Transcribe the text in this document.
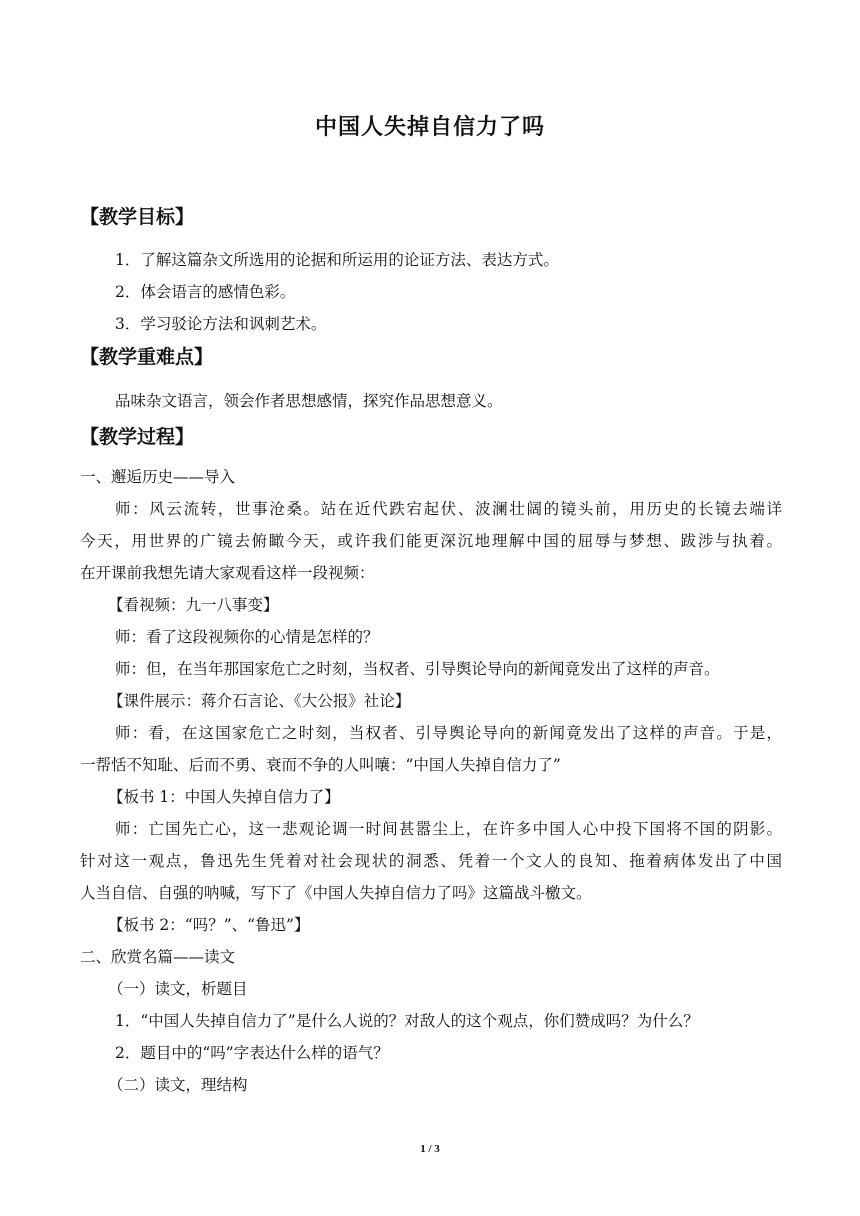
中国人失掉自信力了吗
【教学目标】
1．了解这篇杂文所选用的论据和所运用的论证方法、表达方式。
2．体会语言的感情色彩。
3．学习驳论方法和讽刺艺术。
【教学重难点】
品味杂文语言，领会作者思想感情，探究作品思想意义。
【教学过程】
一、邂逅历史——导入
师：风云流转，世事沧桑。站在近代跌宕起伏、波澜壮阔的镜头前，用历史的长镜去端详
今天，用世界的广镜去俯瞰今天，或许我们能更深沉地理解中国的屈辱与梦想、跋涉与执着。
在开课前我想先请大家观看这样一段视频：
【看视频：九一八事变】
师：看了这段视频你的心情是怎样的？
师：但，在当年那国家危亡之时刻，当权者、引导舆论导向的新闻竟发出了这样的声音。
【课件展示：蒋介石言论、《大公报》社论】
师：看，在这国家危亡之时刻，当权者、引导舆论导向的新闻竟发出了这样的声音。于是，
一帮恬不知耻、后而不勇、衰而不争的人叫嚷：“中国人失掉自信力了”
【板书 1：中国人失掉自信力了】
师：亡国先亡心，这一悲观论调一时间甚嚣尘上，在许多中国人心中投下国将不国的阴影。
针对这一观点，鲁迅先生凭着对社会现状的洞悉、凭着一个文人的良知、拖着病体发出了中国
人当自信、自强的呐喊，写下了《中国人失掉自信力了吗》这篇战斗檄文。
【板书 2：“吗？”、“鲁迅”】
二、欣赏名篇——读文
（一）读文，析题目
1．“中国人失掉自信力了”是什么人说的？对敌人的这个观点，你们赞成吗？为什么？
2．题目中的“吗”字表达什么样的语气？
（二）读文，理结构
1 / 3
